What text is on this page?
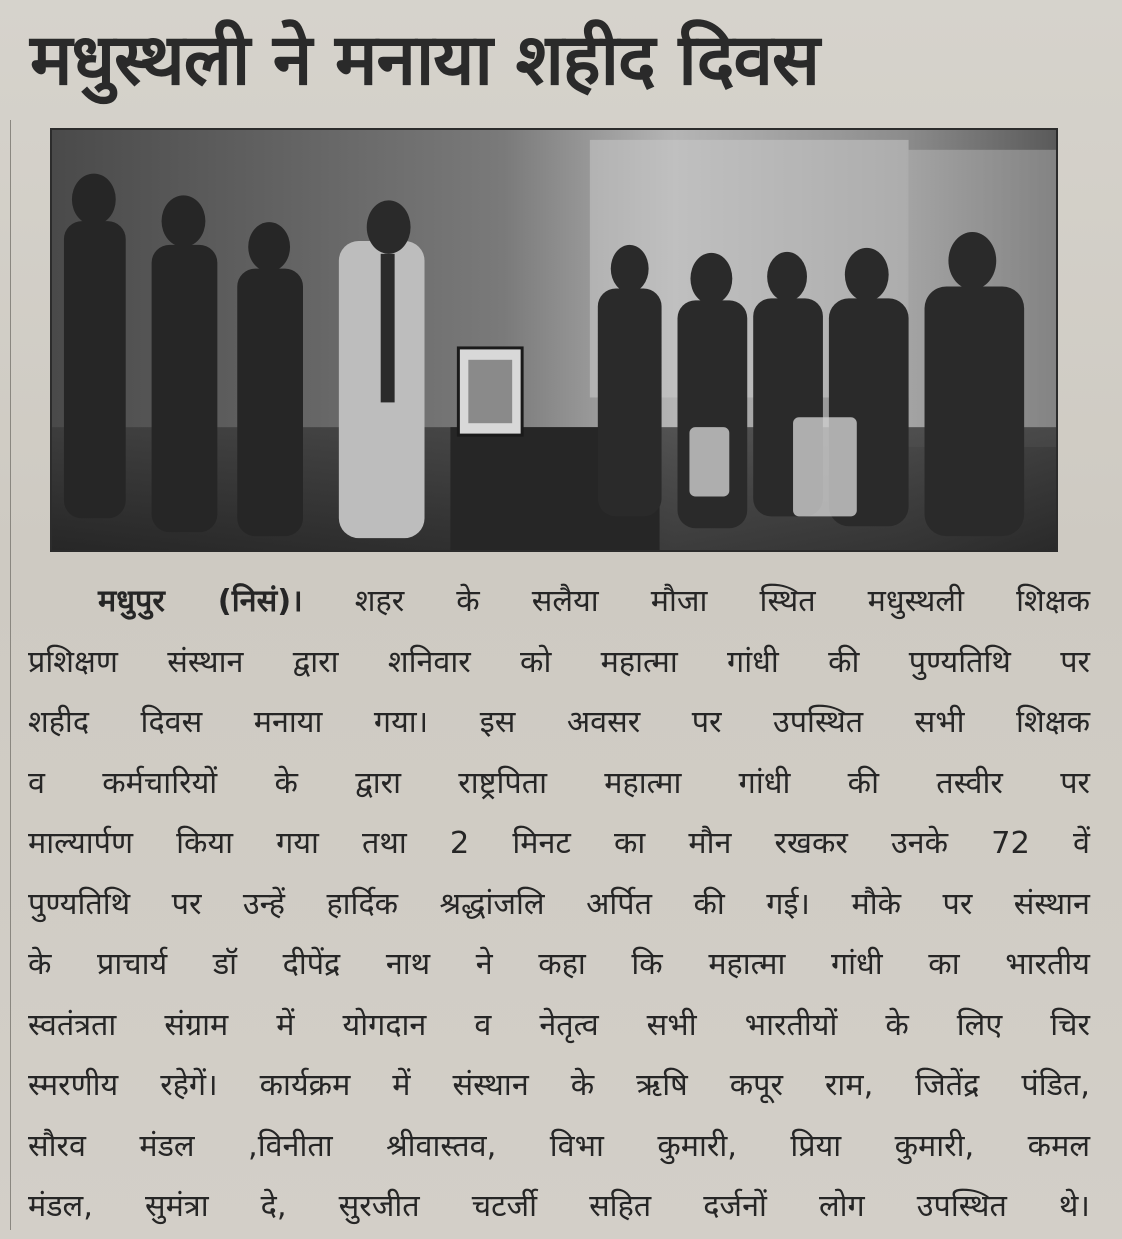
मधुस्थली ने मनाया शहीद दिवस
मधुपुर (निसं)। शहर के सलैया मौजा स्थित मधुस्थली शिक्षक
प्रशिक्षण संस्थान द्वारा शनिवार को महात्मा गांधी की पुण्यतिथि पर
शहीद दिवस मनाया गया। इस अवसर पर उपस्थित सभी शिक्षक
व कर्मचारियों के द्वारा राष्ट्रपिता महात्मा गांधी की तस्वीर पर
माल्यार्पण किया गया तथा 2 मिनट का मौन रखकर उनके 72 वें
पुण्यतिथि पर उन्हें हार्दिक श्रद्धांजलि अर्पित की गई। मौके पर संस्थान
के प्राचार्य डॉ दीपेंद्र नाथ ने कहा कि महात्मा गांधी का भारतीय
स्वतंत्रता संग्राम में योगदान व नेतृत्व सभी भारतीयों के लिए चिर
स्मरणीय रहेगें। कार्यक्रम में संस्थान के ऋषि कपूर राम, जितेंद्र पंडित,
सौरव मंडल ,विनीता श्रीवास्तव, विभा कुमारी, प्रिया कुमारी, कमल
मंडल, सुमंत्रा दे, सुरजीत चटर्जी सहित दर्जनों लोग उपस्थित थे।
